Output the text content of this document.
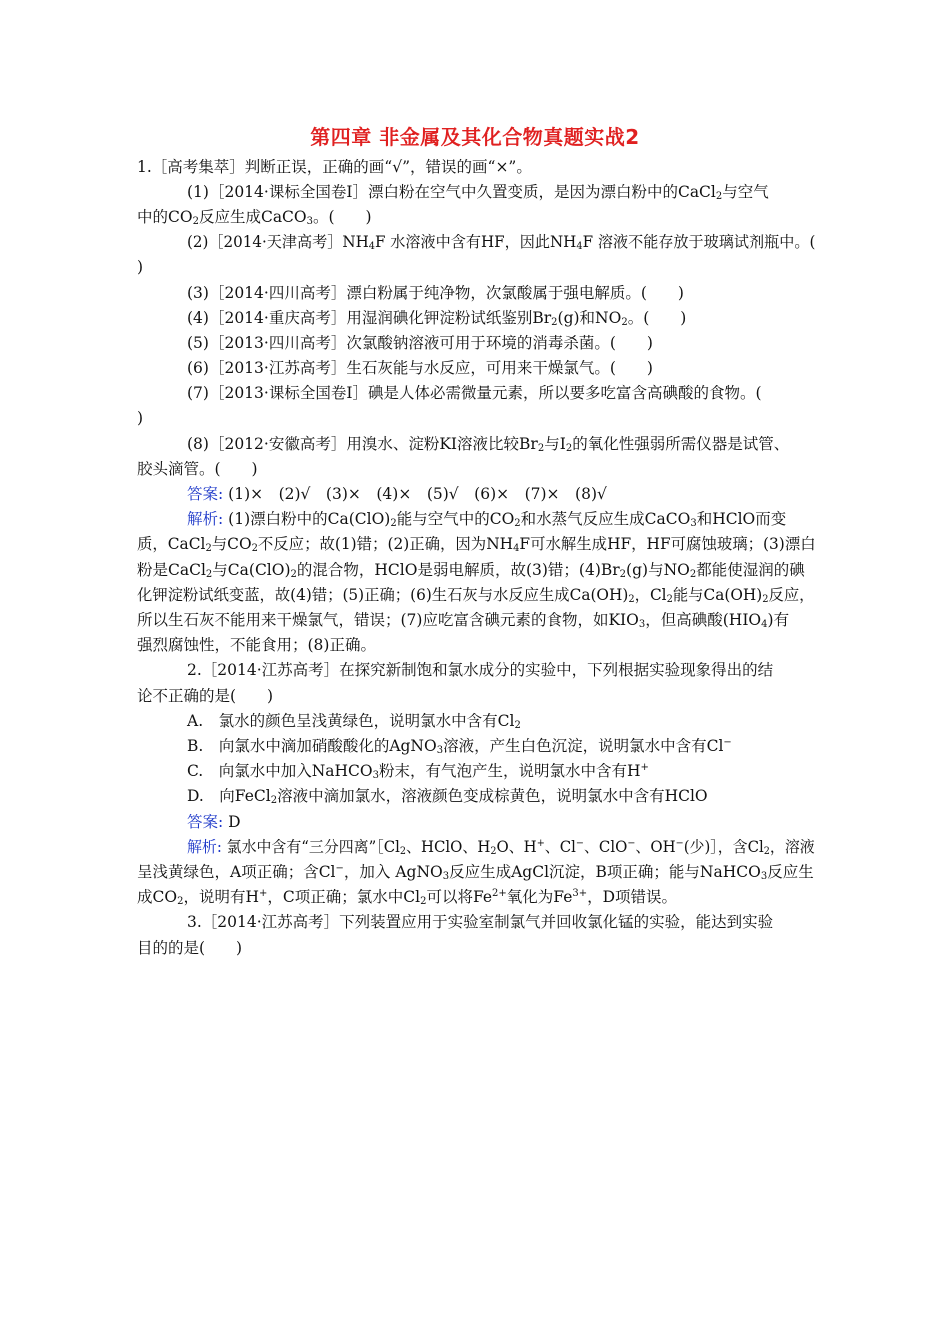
第四章 非金属及其化合物真题实战2
1.［高考集萃］判断正误，正确的画“√”，错误的画“×”。
(1)［2014·课标全国卷Ⅰ］漂白粉在空气中久置变质，是因为漂白粉中的CaCl$_2$与空气
中的$CO_2$反应生成CaCO$_3$。(　　)
(2)［2014·天津高考$]NH_4F$ 水溶液中含有HF，因此$NH_4F$ 溶液不能存放于玻璃试剂瓶中。(
)
(3)［2014·四川高考］漂白粉属于纯净物，次氯酸属于强电解质。(　　)
(4)［2014·重庆高考］用湿润碘化钾淀粉试纸鉴别$Br_2(g)$和$NO_2$。(　　)
(5)［2013·四川高考］次氯酸钠溶液可用于环境的消毒杀菌。(　　)
(6)［2013·江苏高考］生石灰能与水反应，可用来干燥氯气。(　　)
(7)［2013·课标全国卷Ⅰ］碘是人体必需微量元素，所以要多吃富含高碘酸的食物。(
)
(8)［2012·安徽高考］用溴水、淀粉KI溶液比较$Br_2$与$I_2$的氧化性强弱所需仪器是试管、
胶头滴管。(　　)
答案: (1)×　(2)√　(3)×　(4)×　(5)√　(6)×　(7)×　(8)√
解析: (1)漂白粉中的$Ca(ClO)_2$能与空气中的$CO_2$和水蒸气反应生成CaCO$_3$和HClO而变
质，CaCl$_2$与$CO_2$不反应；故(1)错；(2)正确，因为$NH_4F$可水解生成HF，HF可腐蚀玻璃；(3)漂白
粉是CaCl$_2$与$Ca(ClO)_2$的混合物，HClO是弱电解质，故(3)错；$(4)Br_2(g)$与$NO_2$都能使湿润的碘
化钾淀粉试纸变蓝，故(4)错；(5)正确；(6)生石灰与水反应生成$Ca(OH)_2$，$Cl_2$能与$Ca(OH)_2$反应，
所以生石灰不能用来干燥氯气，错误；(7)应吃富含碘元素的食物，如$KIO_3$，但高碘酸$(HIO_4)$有
强烈腐蚀性，不能食用；(8)正确。
2.［2014·江苏高考］在探究新制饱和氯水成分的实验中，下列根据实验现象得出的结
论不正确的是(　　)
A.　氯水的颜色呈浅黄绿色，说明氯水中含有$Cl_2$
B.　向氯水中滴加硝酸酸化的AgNO$_3$溶液，产生白色沉淀，说明氯水中含有Cl−
C.　向氯水中加入NaHCO$_3$粉末，有气泡产生，说明氯水中含有H+
D.　向FeCl$_2$溶液中滴加氯水，溶液颜色变成棕黄色，说明氯水中含有HClO
答案: D
解析: 氯水中含有“三分四离$”[Cl_2$、HClO、$H_2O$、H+、Cl−、ClO−、OH−(少)］，含$Cl_2$，溶液
呈浅黄绿色，A项正确；含Cl−，加入 AgNO$_3$反应生成AgCl沉淀，B项正确；能与NaHCO$_3$反应生
成$CO_2$，说明有H+，C项正确；氯水中$Cl_2$可以将$Fe^{2+}$氧化为$Fe^{3+}$，D项错误。
3.［2014·江苏高考］下列装置应用于实验室制氯气并回收氯化锰的实验，能达到实验
目的的是(　　)
